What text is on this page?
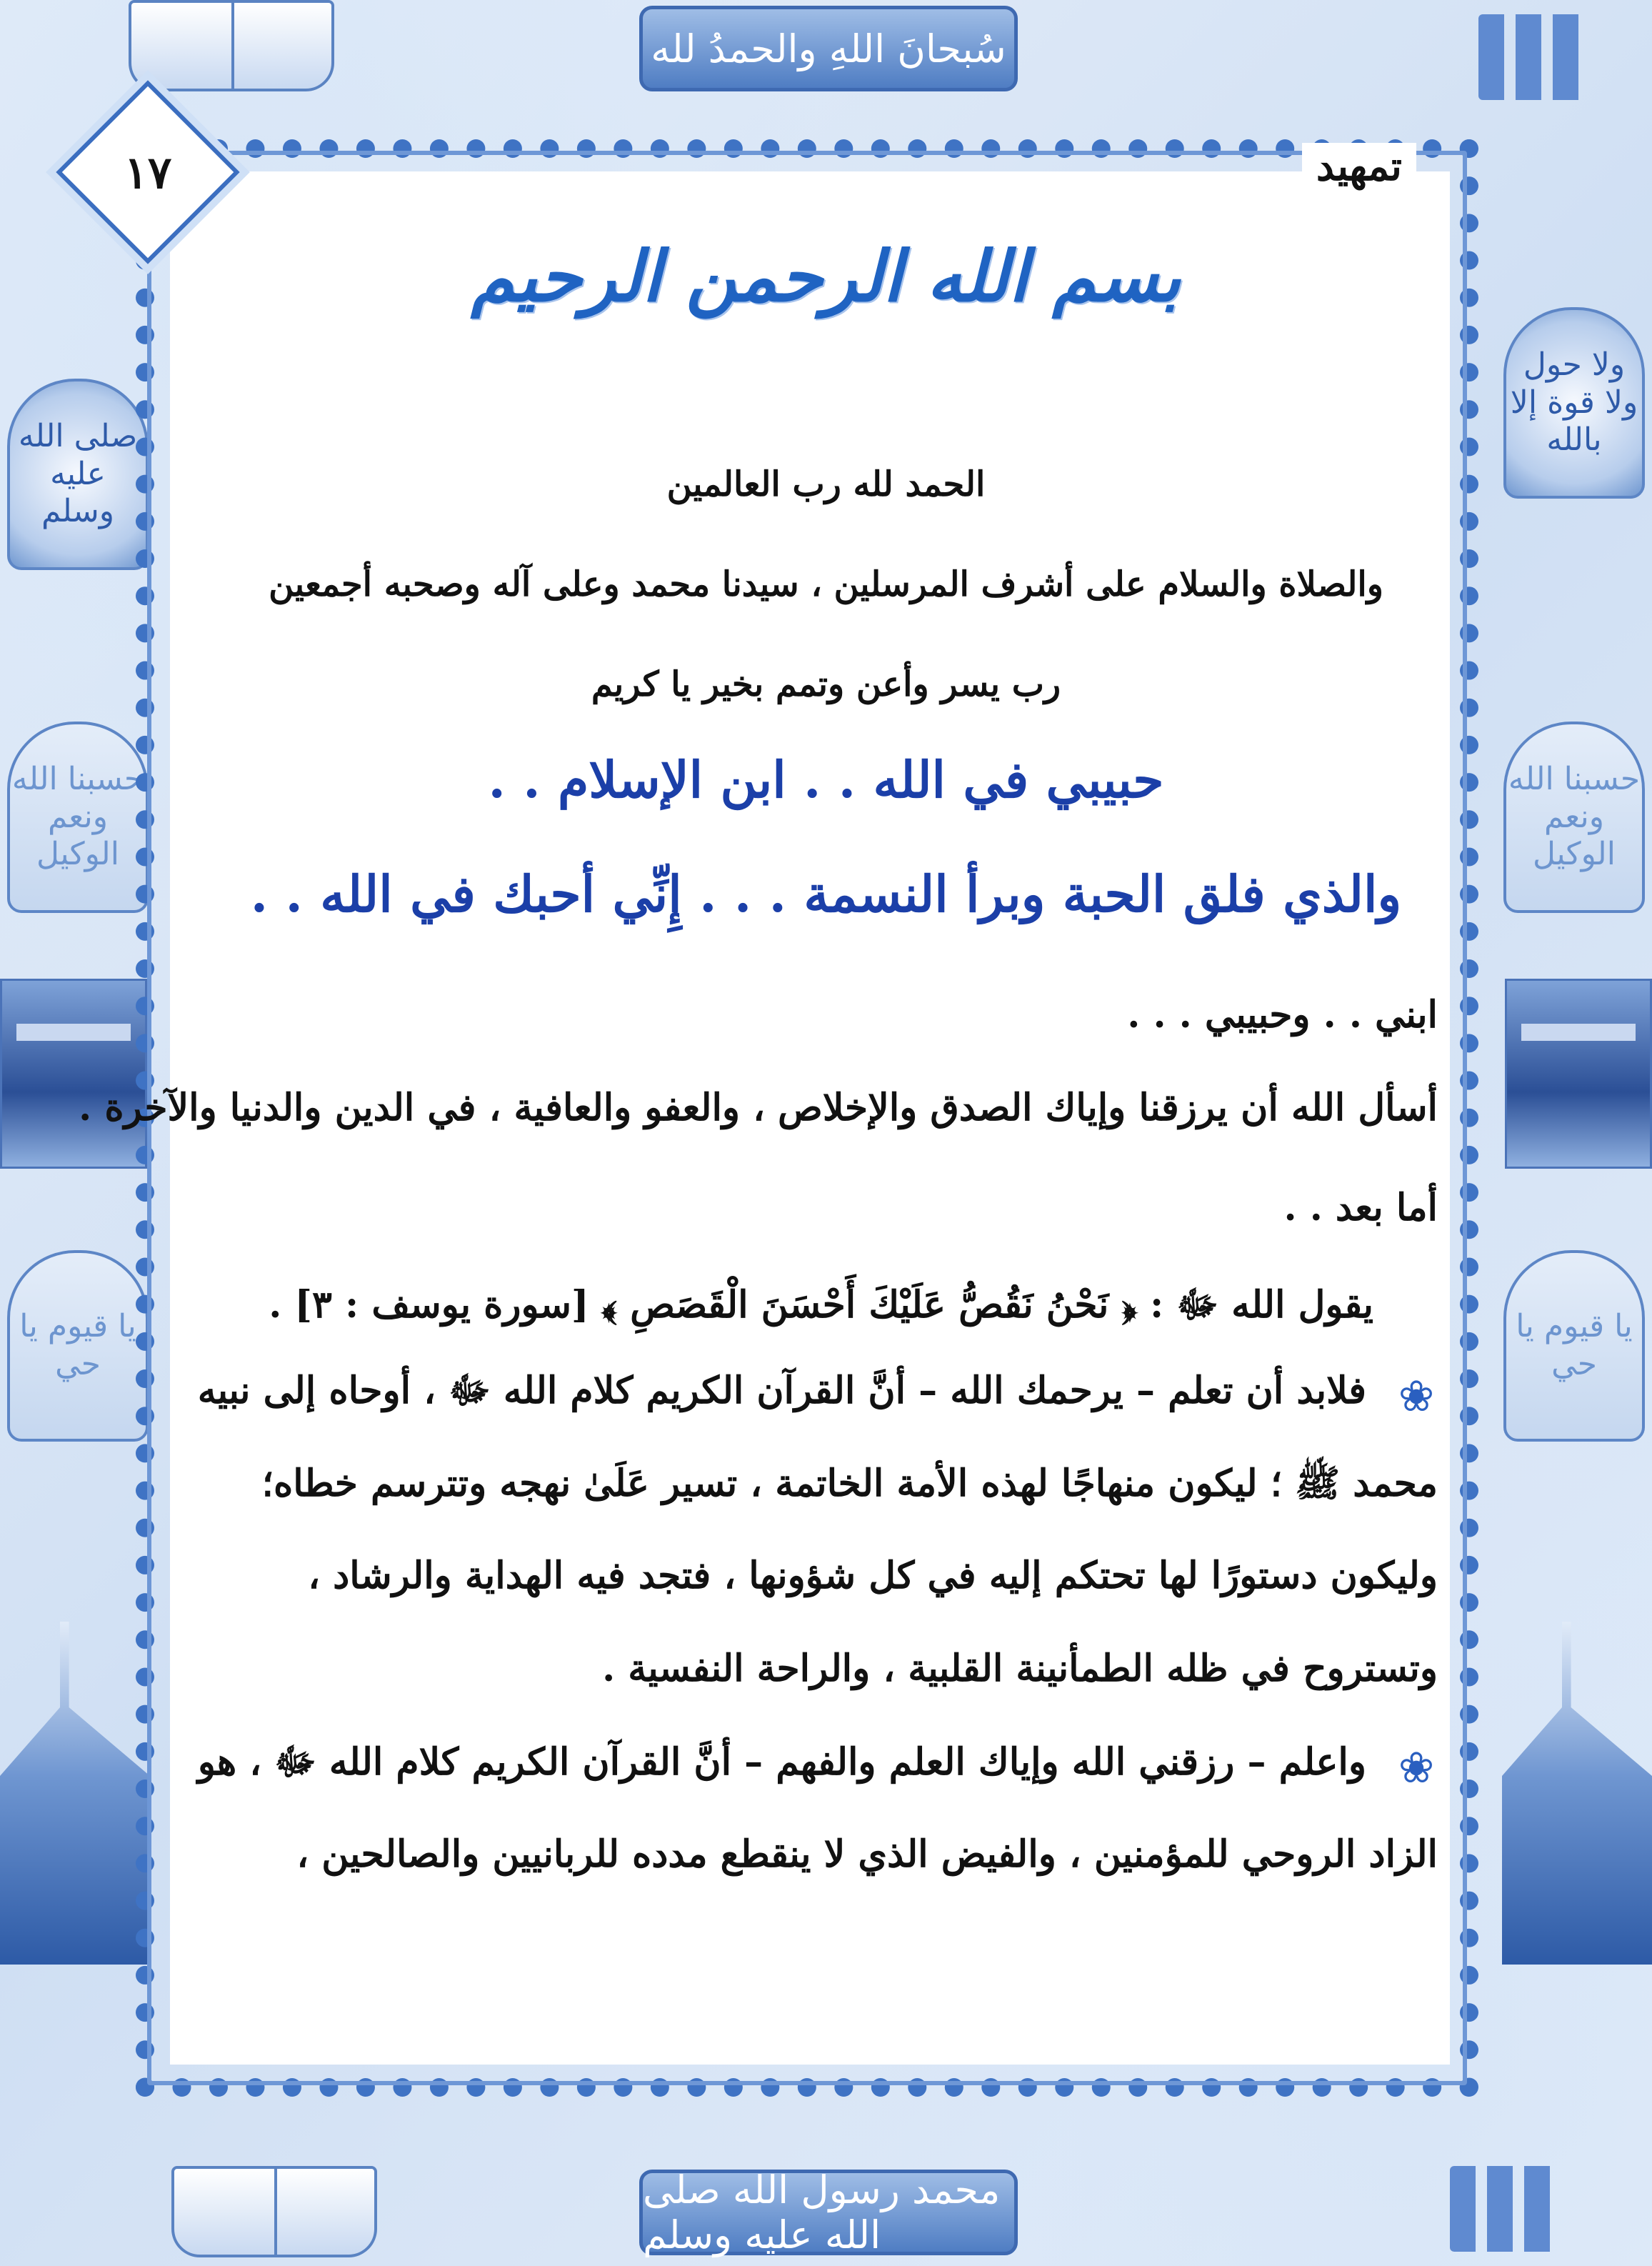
سُبحانَ اللهِ والحمدُ لله
صلى الله عليه وسلم
حسبنا الله ونعم الوكيل
يا قيوم يا حي
ولا حول ولا قوة إلا بالله
حسبنا الله ونعم الوكيل
يا قيوم يا حي
محمد رسول الله صلى الله عليه وسلم
١٧	تمهيد
بسم الله الرحمن الرحيم
الحمد لله رب العالمين
والصلاة والسلام على أشرف المرسلين ، سيدنا محمد وعلى آله وصحبه أجمعين
رب يسر وأعن وتمم بخير يا كريم
حبيبي في الله . . ابن الإسلام . .
والذي فلق الحبة وبرأ النسمة . . . إِنِّي أحبك في الله . .
ابني . . وحبيبي . . .
أسأل الله أن يرزقنا وإياك الصدق والإخلاص ، والعفو والعافية ، في الدين والدنيا والآخرة .
أما بعد . .
يقول الله ﷻ : ﴿ نَحْنُ نَقُصُّ عَلَيْكَ أَحْسَنَ الْقَصَصِ ﴾ [سورة يوسف : ٣] .
❀
فلابد أن تعلم – يرحمك الله – أنَّ القرآن الكريم كلام الله ﷻ ، أوحاه إلى نبيه
محمد ﷺ ؛ ليكون منهاجًا لهذه الأمة الخاتمة ، تسير عَلَىٰ نهجه وتترسم خطاه؛
وليكون دستورًا لها تحتكم إليه في كل شؤونها ، فتجد فيه الهداية والرشاد ،
وتستروح في ظله الطمأنينة القلبية ، والراحة النفسية .
❀
واعلم – رزقني الله وإياك العلم والفهم – أنَّ القرآن الكريم كلام الله ﷻ ، هو
الزاد الروحي للمؤمنين ، والفيض الذي لا ينقطع مدده للربانيين والصالحين ،
